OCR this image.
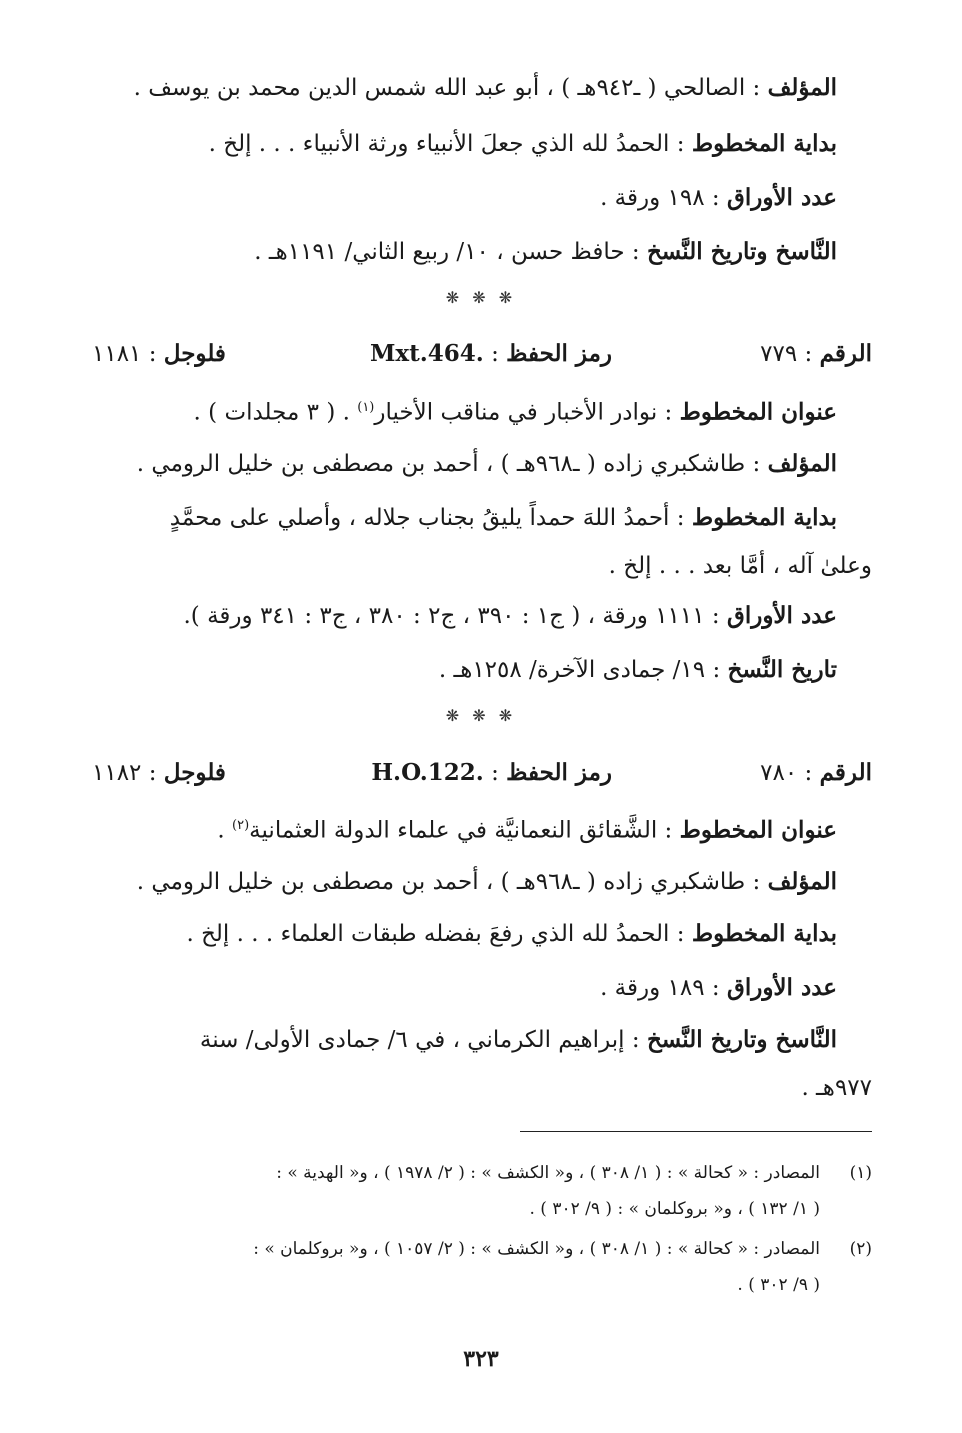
المؤلف : الصالحي ( ـ٩٤٢هـ ) ، أبو عبد الله شمس الدين محمد بن يوسف .
بداية المخطوط : الحمدُ لله الذي جعلَ الأنبياء ورثة الأنبياء . . . إلخ .
عدد الأوراق : ١٩٨ ورقة .
النَّاسخ وتاريخ النَّسخ : حافظ حسن ، ١٠/ ربيع الثاني/ ١١٩١هـ .
❋ ❋ ❋
الرقم : ٧٧٩
رمز الحفظ : Mxt.464.
فلوجل : ١١٨١
عنوان المخطوط : نوادر الأخبار في مناقب الأخيار$^{(١)}$ . ( ٣ مجلدات ) .
المؤلف : طاشكبري زاده ( ـ٩٦٨هـ ) ، أحمد بن مصطفى بن خليل الرومي .
بداية المخطوط : أحمدُ اللهَ حمداً يليقُ بجناب جلاله ، وأصلي على محمَّدٍ
وعلىٰ آله ، أمَّا بعد . . . إلخ .
عدد الأوراق : ١١١١ ورقة ، ( ج١ : ٣٩٠ ، ج٢ : ٣٨٠ ، ج٣ : ٣٤١ ورقة ).
تاريخ النَّسخ : ١٩/ جمادى الآخرة/ ١٢٥٨هـ .
❋ ❋ ❋
الرقم : ٧٨٠
رمز الحفظ : H.O.122.
فلوجل : ١١٨٢
عنوان المخطوط : الشَّقائق النعمانيَّة في علماء الدولة العثمانية$^{(٢)}$ .
المؤلف : طاشكبري زاده ( ـ٩٦٨هـ ) ، أحمد بن مصطفى بن خليل الرومي .
بداية المخطوط : الحمدُ لله الذي رفعَ بفضله طبقات العلماء . . . إلخ .
عدد الأوراق : ١٨٩ ورقة .
النَّاسخ وتاريخ النَّسخ : إبراهيم الكرماني ، في ٦/ جمادى الأولى/ سنة
٩٧٧هـ .
(١)
المصادر : « كحالة » : ( ١/ ٣٠٨ ) ، و« الكشف » : ( ٢/ ١٩٧٨ ) ، و« الهدية » :
( ١/ ١٣٢ ) ، و« بروكلمان » : ( ٩/ ٣٠٢ ) .
(٢)
المصادر : « كحالة » : ( ١/ ٣٠٨ ) ، و« الكشف » : ( ٢/ ١٠٥٧ ) ، و« بروكلمان » :
( ٩/ ٣٠٢ ) .
٣٢٣
